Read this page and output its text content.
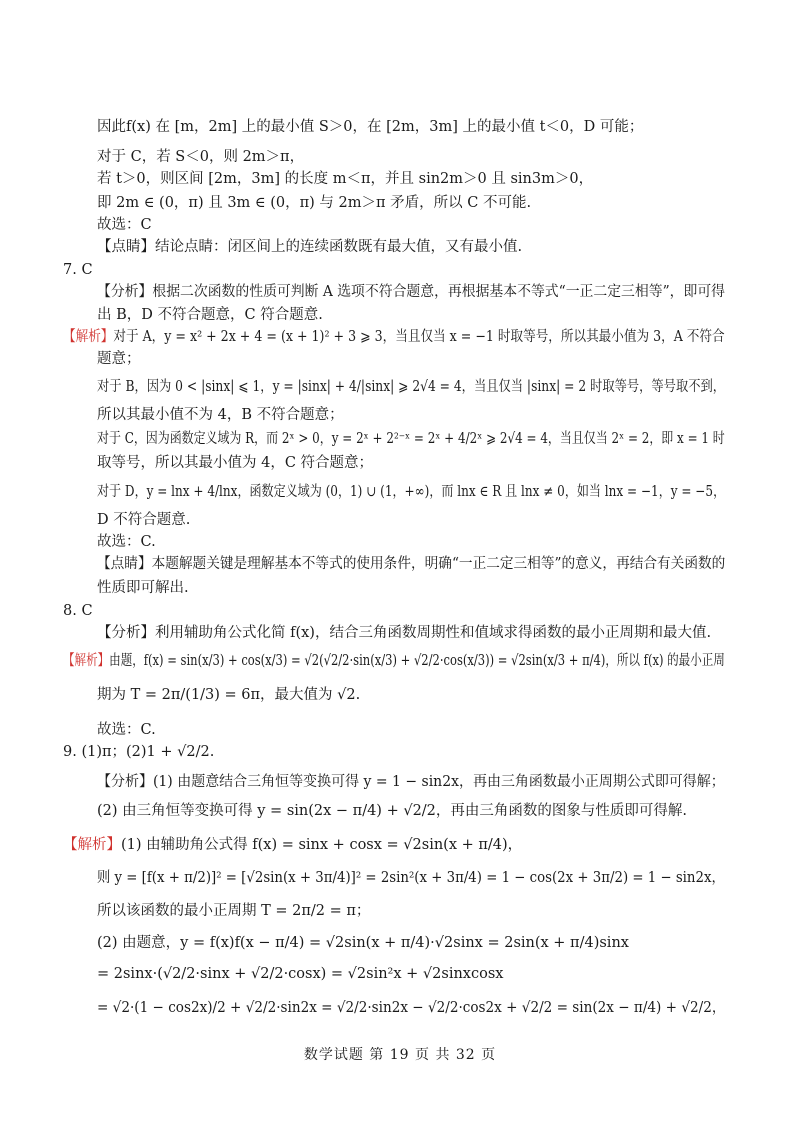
因此f(x) 在 [m，2m] 上的最小值 S＞0，在 [2m，3m] 上的最小值 t＜0，D 可能；
对于 C，若 S＜0，则 2m＞π，
若 t＞0，则区间 [2m，3m] 的长度 m＜π，并且 sin2m＞0 且 sin3m＞0，
即 2m ∈ (0，π) 且 3m ∈ (0，π) 与 2m＞π 矛盾，所以 C 不可能.
故选：C
【点睛】结论点睛：闭区间上的连续函数既有最大值，又有最小值.
7. C
【分析】根据二次函数的性质可判断 A 选项不符合题意，再根据基本不等式“一正二定三相等”，即可得
出 B，D 不符合题意，C 符合题意.
【解析】对于 A，y = x² + 2x + 4 = (x + 1)² + 3 ⩾ 3，当且仅当 x = −1 时取等号，所以其最小值为 3，A 不符合
题意；
对于 B，因为 0 < |sinx| ⩽ 1，y = |sinx| + 4/|sinx| ⩾ 2√4 = 4，当且仅当 |sinx| = 2 时取等号，等号取不到，
所以其最小值不为 4，B 不符合题意；
对于 C，因为函数定义域为 R，而 2ˣ > 0，y = 2ˣ + 2²⁻ˣ = 2ˣ + 4/2ˣ ⩾ 2√4 = 4，当且仅当 2ˣ = 2，即 x = 1 时
取等号，所以其最小值为 4，C 符合题意；
对于 D，y = lnx + 4/lnx，函数定义域为 (0，1) ∪ (1，+∞)，而 lnx ∈ R 且 lnx ≠ 0，如当 lnx = −1，y = −5，
D 不符合题意.
故选：C.
【点睛】本题解题关键是理解基本不等式的使用条件，明确“一正二定三相等”的意义，再结合有关函数的
性质即可解出.
8. C
【分析】利用辅助角公式化简 f(x)，结合三角函数周期性和值域求得函数的最小正周期和最大值.
【解析】由题，f(x) = sin(x/3) + cos(x/3) = √2(√2/2·sin(x/3) + √2/2·cos(x/3)) = √2sin(x/3 + π/4)，所以 f(x) 的最小正周
期为 T = 2π/(1/3) = 6π，最大值为 √2.
故选：C.
9. (1)π；(2)1 + √2/2.
【分析】(1) 由题意结合三角恒等变换可得 y = 1 − sin2x，再由三角函数最小正周期公式即可得解；
(2) 由三角恒等变换可得 y = sin(2x − π/4) + √2/2，再由三角函数的图象与性质即可得解.
【解析】(1) 由辅助角公式得 f(x) = sinx + cosx = √2sin(x + π/4)，
则 y = [f(x + π/2)]² = [√2sin(x + 3π/4)]² = 2sin²(x + 3π/4) = 1 − cos(2x + 3π/2) = 1 − sin2x，
所以该函数的最小正周期 T = 2π/2 = π；
(2) 由题意，y = f(x)f(x − π/4) = √2sin(x + π/4)·√2sinx = 2sin(x + π/4)sinx
= 2sinx·(√2/2·sinx + √2/2·cosx) = √2sin²x + √2sinxcosx
= √2·(1 − cos2x)/2 + √2/2·sin2x = √2/2·sin2x − √2/2·cos2x + √2/2 = sin(2x − π/4) + √2/2，
数学试题 第 19 页 共 32 页
